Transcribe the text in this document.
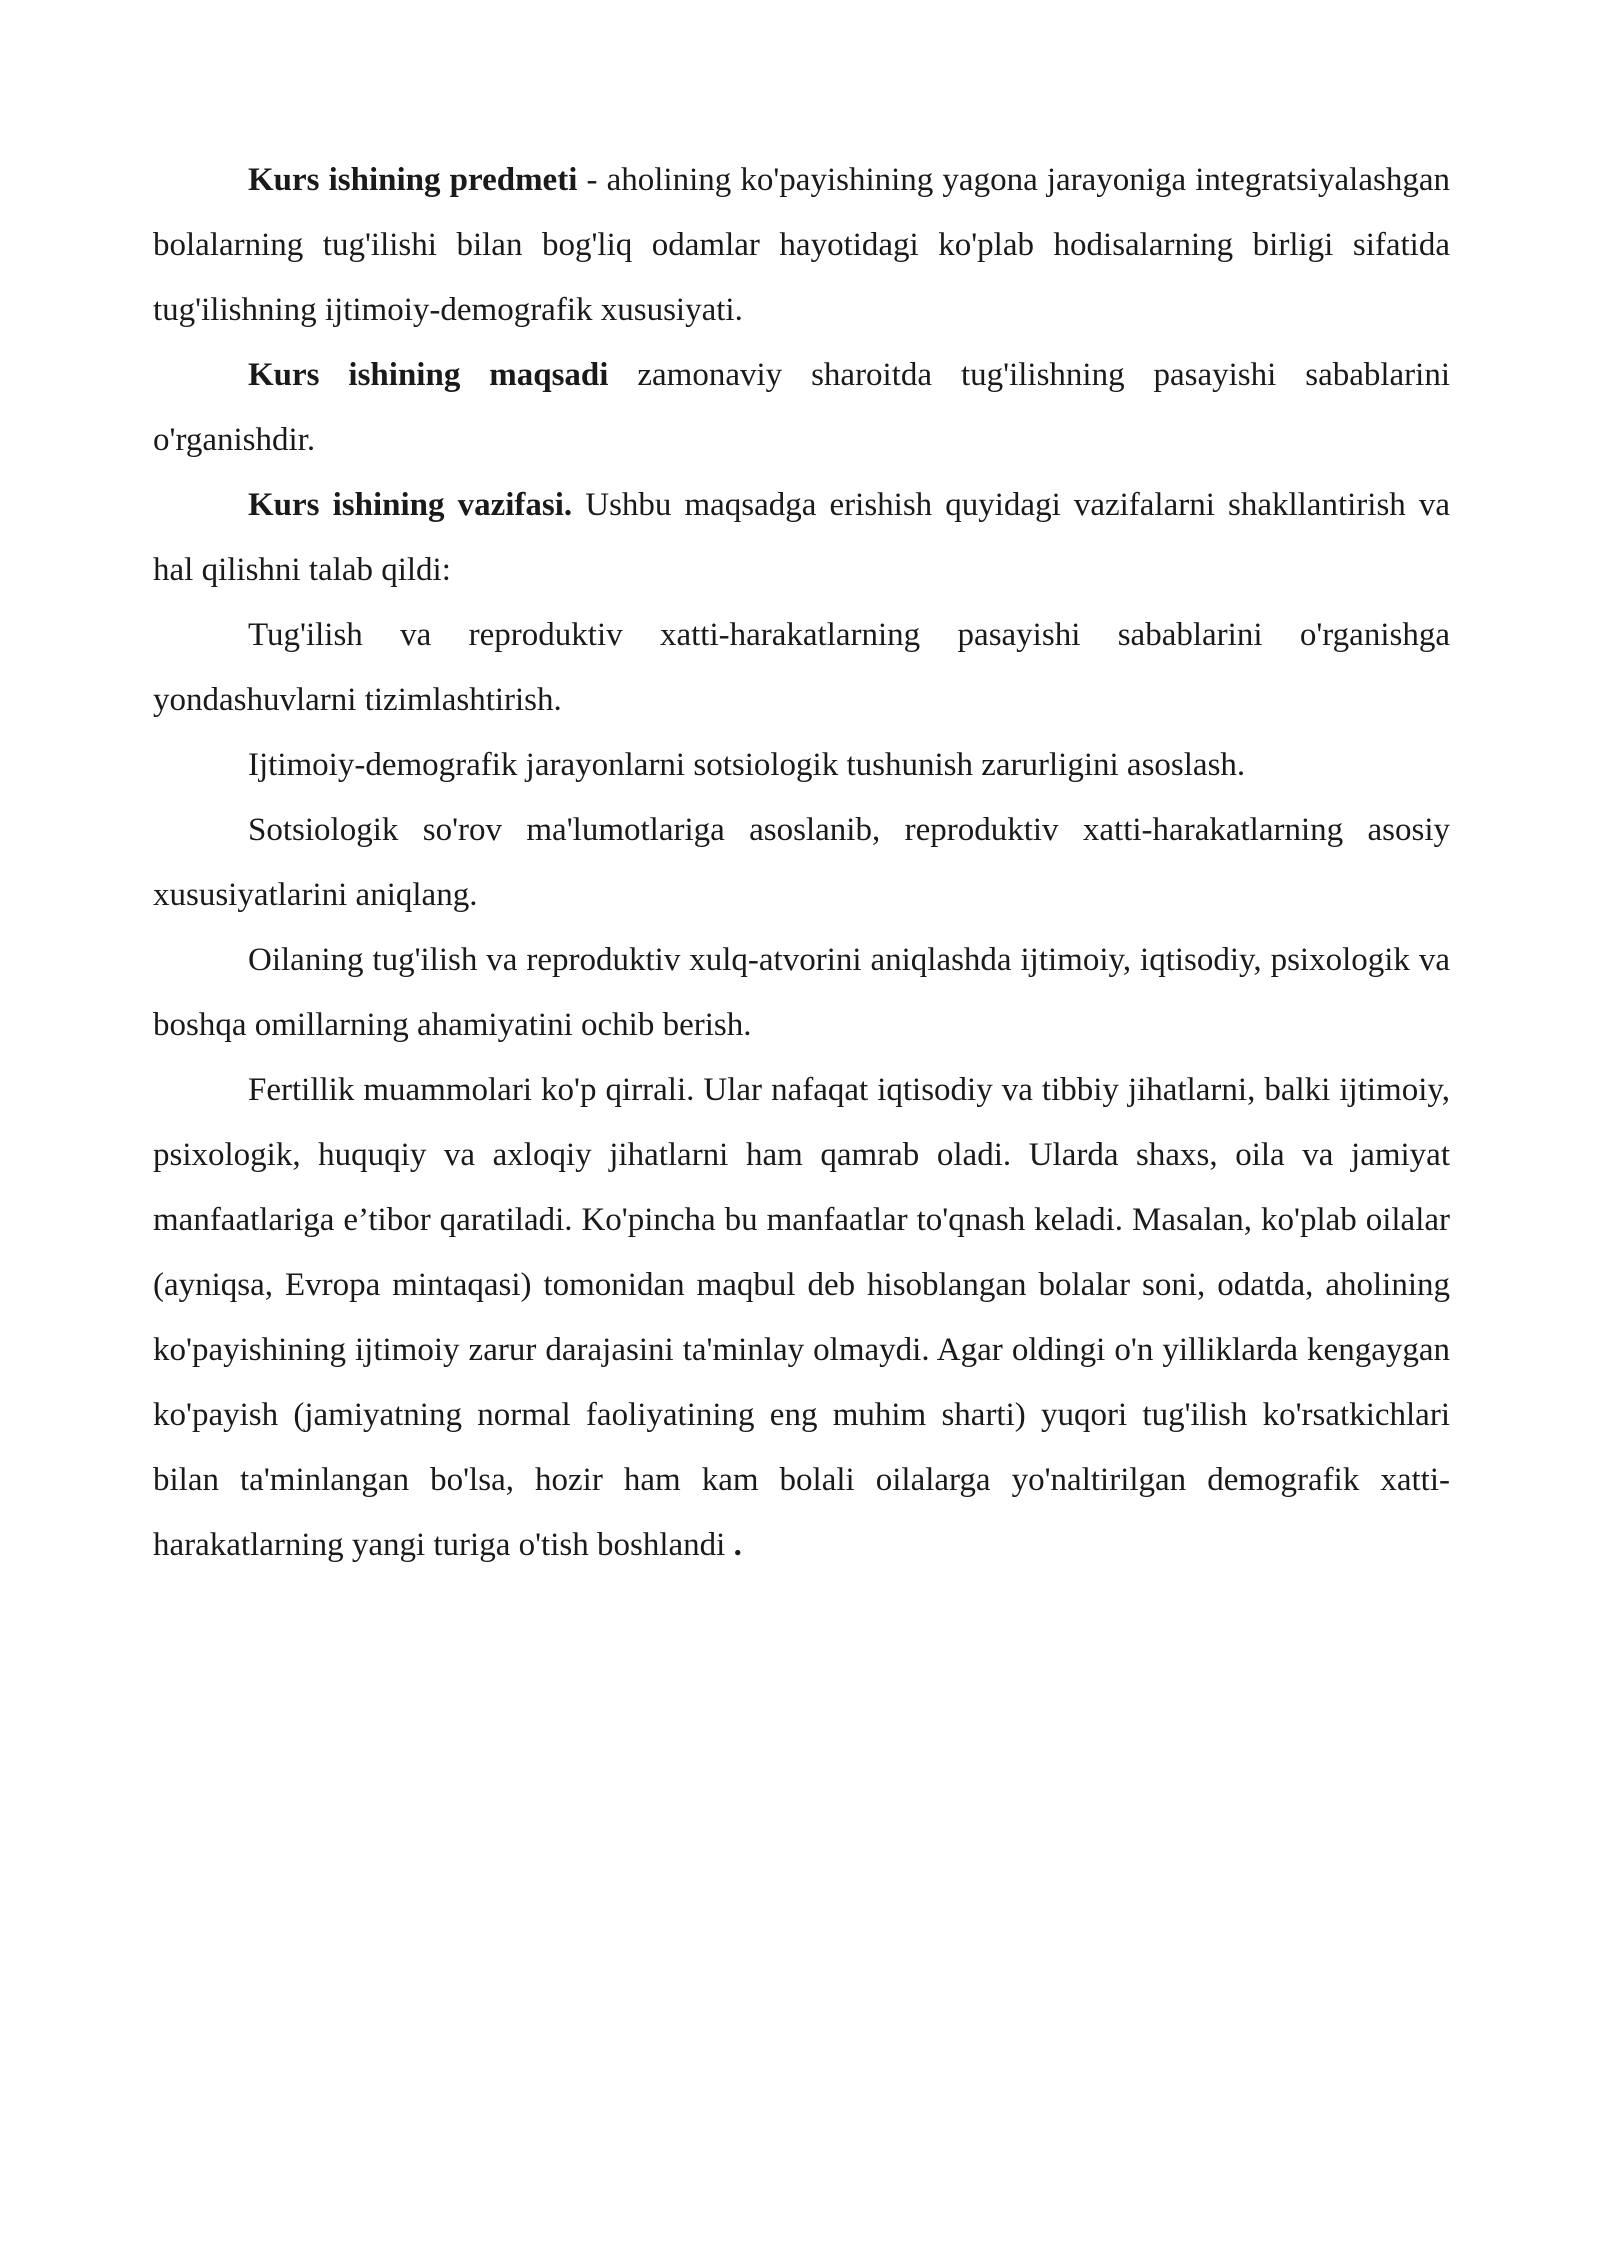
Kurs ishining predmeti - aholining ko'payishining yagona jarayoniga integratsiyalashgan bolalarning tug'ilishi bilan bog'liq odamlar hayotidagi ko'plab hodisalarning birligi sifatida tug'ilishning ijtimoiy-demografik xususiyati.

Kurs ishining maqsadi zamonaviy sharoitda tug'ilishning pasayishi sabablarini o'rganishdir.

Kurs ishining vazifasi. Ushbu maqsadga erishish quyidagi vazifalarni shakllantirish va hal qilishni talab qildi:

Tug'ilish va reproduktiv xatti-harakatlarning pasayishi sabablarini o'rganishga yondashuvlarni tizimlashtirish.

Ijtimoiy-demografik jarayonlarni sotsiologik tushunish zarurligini asoslash.

Sotsiologik so'rov ma'lumotlariga asoslanib, reproduktiv xatti-harakatlarning asosiy xususiyatlarini aniqlang.

Oilaning tug'ilish va reproduktiv xulq-atvorini aniqlashda ijtimoiy, iqtisodiy, psixologik va boshqa omillarning ahamiyatini ochib berish.

Fertillik muammolari ko'p qirrali. Ular nafaqat iqtisodiy va tibbiy jihatlarni, balki ijtimoiy, psixologik, huquqiy va axloqiy jihatlarni ham qamrab oladi. Ularda shaxs, oila va jamiyat manfaatlariga e’tibor qaratiladi. Ko'pincha bu manfaatlar to'qnash keladi. Masalan, ko'plab oilalar (ayniqsa, Evropa mintaqasi) tomonidan maqbul deb hisoblangan bolalar soni, odatda, aholining ko'payishining ijtimoiy zarur darajasini ta'minlay olmaydi. Agar oldingi o'n yilliklarda kengaygan ko'payish (jamiyatning normal faoliyatining eng muhim sharti) yuqori tug'ilish ko'rsatkichlari bilan ta'minlangan bo'lsa, hozir ham kam bolali oilalarga yo'naltirilgan demografik xatti-harakatlarning yangi turiga o'tish boshlandi .
